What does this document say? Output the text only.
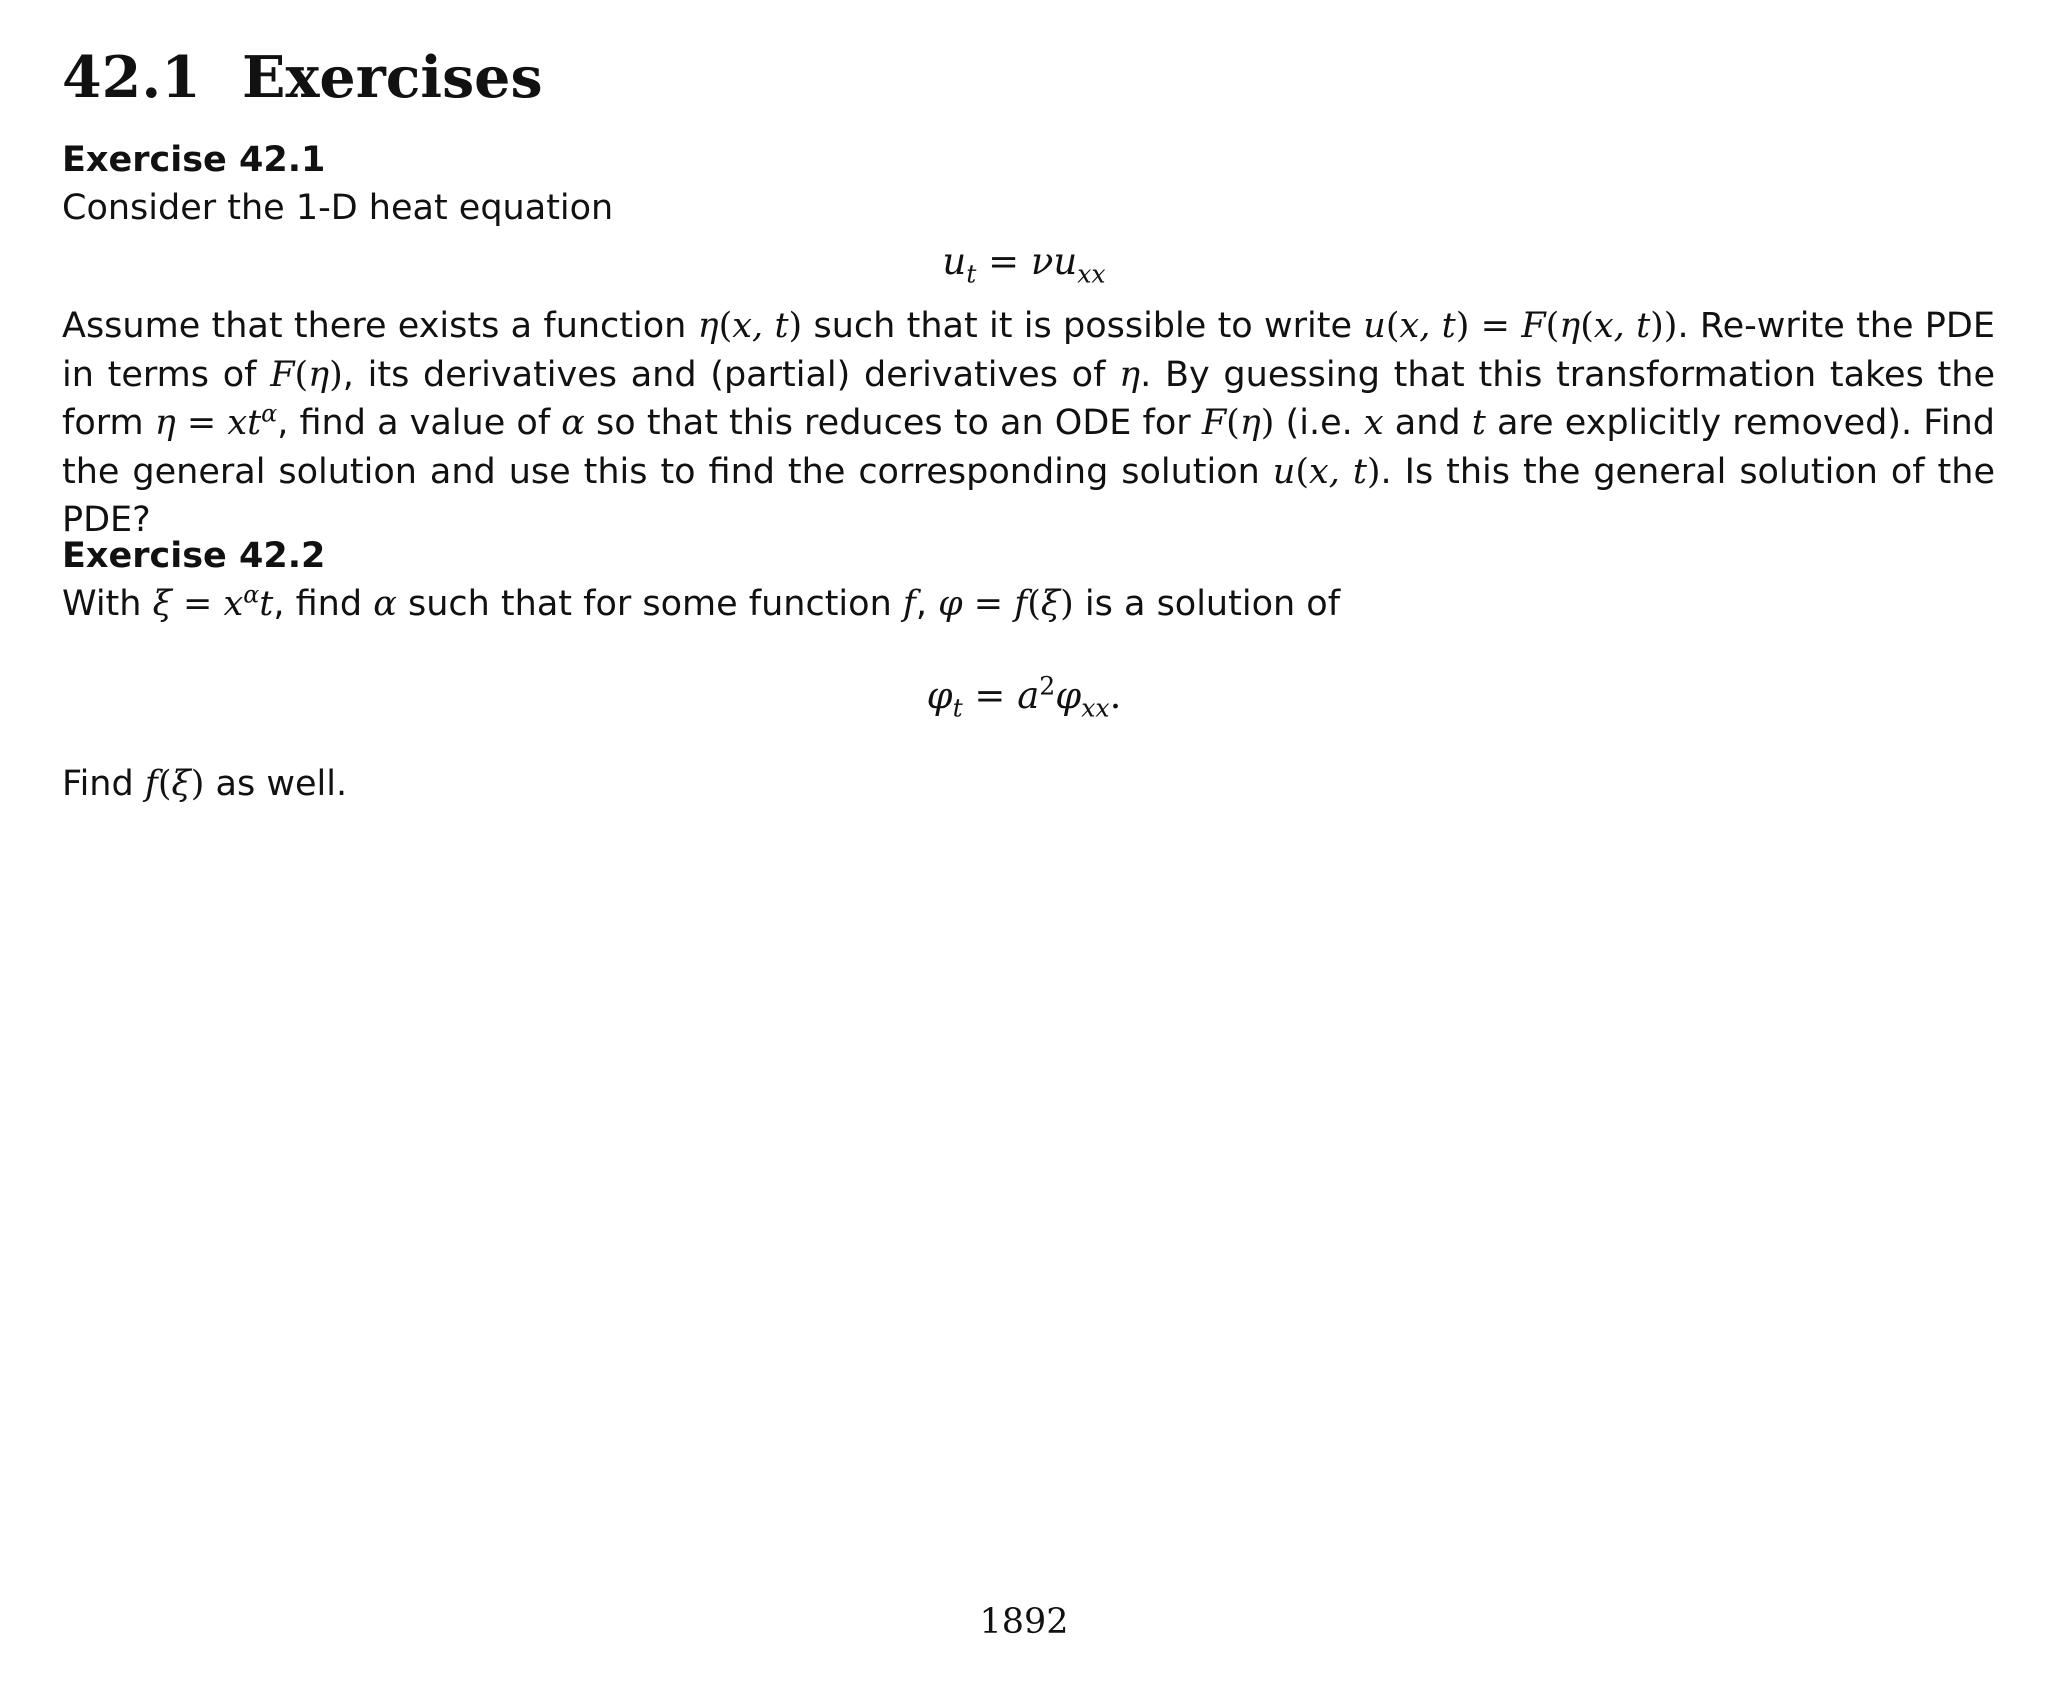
42.1 Exercises
Exercise 42.1
Consider the 1-D heat equation
$u_t = \nu u_{xx}$
Assume that there exists a function η(x, t) such that it is possible to write u(x, t) = F(η(x, t)). Re-write the PDE in terms of F(η), its derivatives and (partial) derivatives of η. By guessing that this transformation takes the form $\eta = xt^\alpha$, find a value of α so that this reduces to an ODE for F(η) (i.e. x and t are explicitly removed). Find the general solution and use this to find the corresponding solution u(x, t). Is this the general solution of the PDE?
Exercise 42.2
With $\xi = x^\alpha t$, find α such that for some function f, φ = f(ξ) is a solution of
$\varphi_t = a^2\varphi_{xx}$.
Find f(ξ) as well.
1892
